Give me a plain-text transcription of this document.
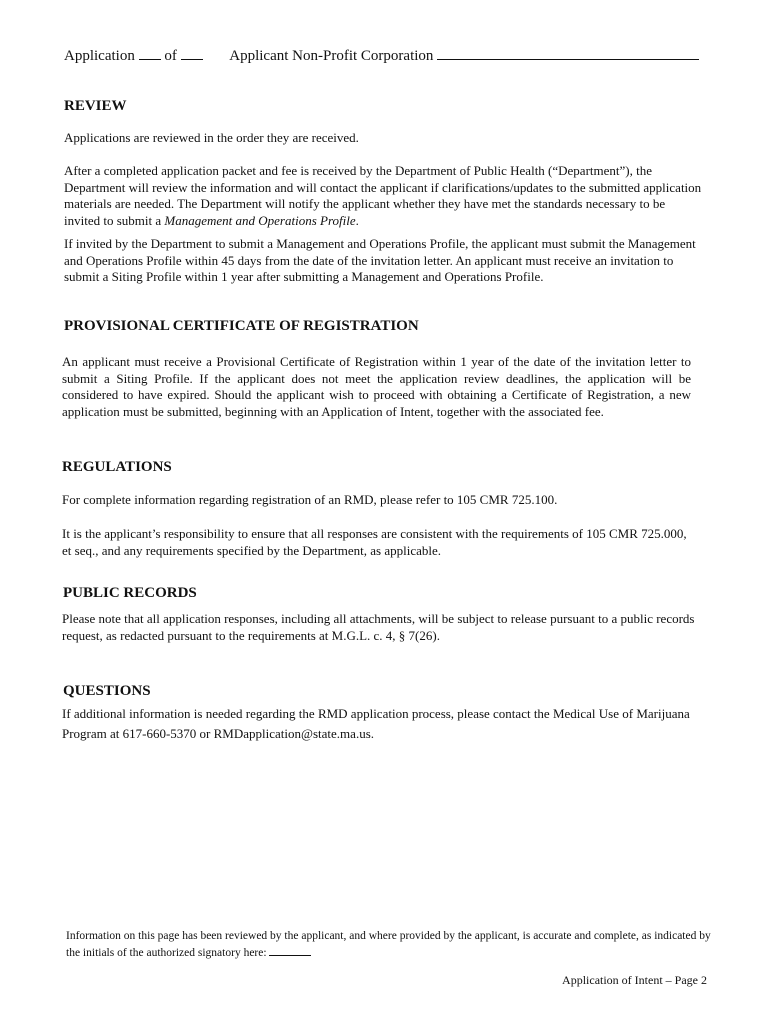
Application of	Applicant Non-Profit Corporation
REVIEW
Applications are reviewed in the order they are received.
After a completed application packet and fee is received by the Department of Public Health (“Department”), the Department will review the information and will contact the applicant if clarifications/updates to the submitted application materials are needed. The Department will notify the applicant whether they have met the standards necessary to be invited to submit a Management and Operations Profile.
If invited by the Department to submit a Management and Operations Profile, the applicant must submit the Management and Operations Profile within 45 days from the date of the invitation letter. An applicant must receive an invitation to submit a Siting Profile within 1 year after submitting a Management and Operations Profile.
PROVISIONAL CERTIFICATE OF REGISTRATION
An applicant must receive a Provisional Certificate of Registration within 1 year of the date of the invitation letter to submit a Siting Profile. If the applicant does not meet the application review deadlines, the application will be considered to have expired. Should the applicant wish to proceed with obtaining a Certificate of Registration, a new application must be submitted, beginning with an Application of Intent, together with the associated fee.
REGULATIONS
For complete information regarding registration of an RMD, please refer to 105 CMR 725.100.
It is the applicant’s responsibility to ensure that all responses are consistent with the requirements of 105 CMR 725.000, et seq., and any requirements specified by the Department, as applicable.
PUBLIC RECORDS
Please note that all application responses, including all attachments, will be subject to release pursuant to a public records request, as redacted pursuant to the requirements at M.G.L. c. 4, § 7(26).
QUESTIONS
If additional information is needed regarding the RMD application process, please contact the Medical Use of Marijuana Program at 617-660-5370 or RMDapplication@state.ma.us.
Information on this page has been reviewed by the applicant, and where provided by the applicant, is accurate and complete, as indicated by the initials of the authorized signatory here:
Application of Intent – Page 2
